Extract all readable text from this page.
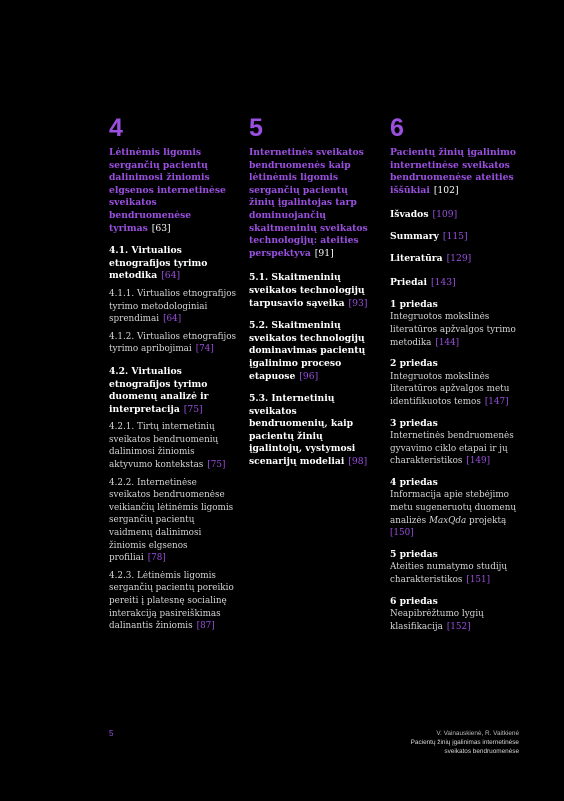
4
Lėtinėmis ligomis sergančių pacientų dalinimosi žiniomis elgsenos internetinėse sveikatos bendruomenėse tyrimas [63]
4.1. Virtualios etnografijos tyrimo metodika [64]
4.1.1. Virtualios etnografijos tyrimo metodologiniai sprendimai [64]
4.1.2. Virtualios etnografijos tyrimo apribojimai [74]
4.2. Virtualios etnografijos tyrimo duomenų analizė ir interpretacija [75]
4.2.1. Tirtų internetinių sveikatos bendruomenių dalinimosi žiniomis aktyvumo kontekstas [75]
4.2.2. Internetinėse sveikatos bendruomenėse veikiančių lėtinėmis ligomis sergančių pacientų vaidmenų dalinimosi žiniomis elgsenos profiliai [78]
4.2.3. Lėtinėmis ligomis sergančių pacientų poreikio pereiti į platesnę socialinę interakciją pasireiškimas dalinantis žiniomis [87]
5
Internetinės sveikatos bendruomenės kaip lėtinėmis ligomis sergančių pacientų žinių įgalintojas tarp dominuojančių skaitmeninių sveikatos technologijų: ateities perspektyva [91]
5.1. Skaitmeninių sveikatos technologijų tarpusavio sąveika [93]
5.2. Skaitmeninių sveikatos technologijų dominavimas pacientų įgalinimo proceso etapuose [96]
5.3. Internetinių sveikatos bendruomenių, kaip pacientų žinių įgalintojų, vystymosi scenarijų modeliai [98]
6
Pacientų žinių įgalinimo internetinėse sveikatos bendruomenėse ateities iššūkiai [102]
Išvados [109]
Summary [115]
Literatūra [129]
Priedai [143]
1 priedas
Integruotos mokslinės literatūros apžvalgos tyrimo metodika [144]
2 priedas
Integruotos mokslinės literatūros apžvalgos metu identifikuotos temos [147]
3 priedas
Internetinės bendruomenės gyvavimo ciklo etapai ir jų charakteristikos [149]
4 priedas
Informacija apie stebėjimo metu sugeneruotų duomenų analizės MaxQda projektą
[150]
5 priedas
Ateities numatymo studijų charakteristikos [151]
6 priedas
Neapibrėžtumo lygių klasifikacija [152]
5	V. Vainauskienė, R. Vaitkienė
Pacientų žinių įgalinimas internetinėse
sveikatos bendruomenėse
